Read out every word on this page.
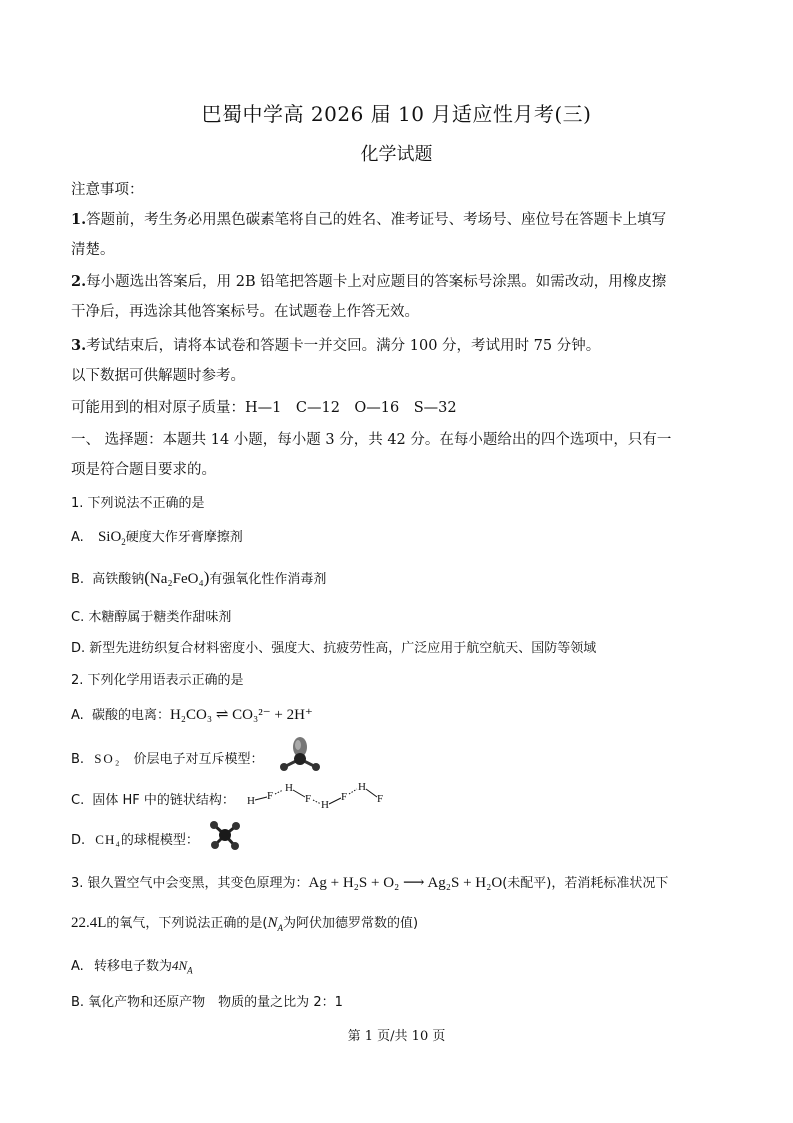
巴蜀中学高 2026 届 10 月适应性月考(三)
化学试题
注意事项：
1.答题前，考生务必用黑色碳素笔将自己的姓名、准考证号、考场号、座位号在答题卡上填写
清楚。
2.每小题选出答案后，用 2B 铅笔把答题卡上对应题目的答案标号涂黑。如需改动，用橡皮擦
干净后，再选涂其他答案标号。在试题卷上作答无效。
3.考试结束后，请将本试卷和答题卡一并交回。满分 100 分，考试用时 75 分钟。
以下数据可供解题时参考。
可能用到的相对原子质量：H—1　C—12　O—16　S—32
一、 选择题：本题共 14 小题，每小题 3 分，共 42 分。在每小题给出的四个选项中，只有一
项是符合题目要求的。
1. 下列说法不正确的是
A. SiO$_2$硬度大作牙膏摩擦剂
B. 高铁酸钠(Na₂FeO₄)有强氧化性作消毒剂
C. 木糖醇属于糖类作甜味剂
D. 新型先进纺织复合材料密度小、强度大、抗疲劳性高，广泛应用于航空航天、国防等领域
2. 下列化学用语表示正确的是
A. 碳酸的电离：H₂CO₃ ⇌ CO₃²⁻ + 2H⁺
B. SO₂ 价层电子对互斥模型：
C. 固体 HF 中的链状结构： H F
H
F H
F
H
F
D. CH₄的球棍模型：
3. 银久置空气中会变黑，其变色原理为：Ag + H₂S + O₂ ⟶ Ag₂S + H₂O(未配平)，若消耗标准状况下
22.4L的氧气，下列说法正确的是($N_A$为阿伏加德罗常数的值)
A. 转移电子数为$4N_A$
B. 氧化产物和还原产物　物质的量之比为 2：1
第 1 页/共 10 页
